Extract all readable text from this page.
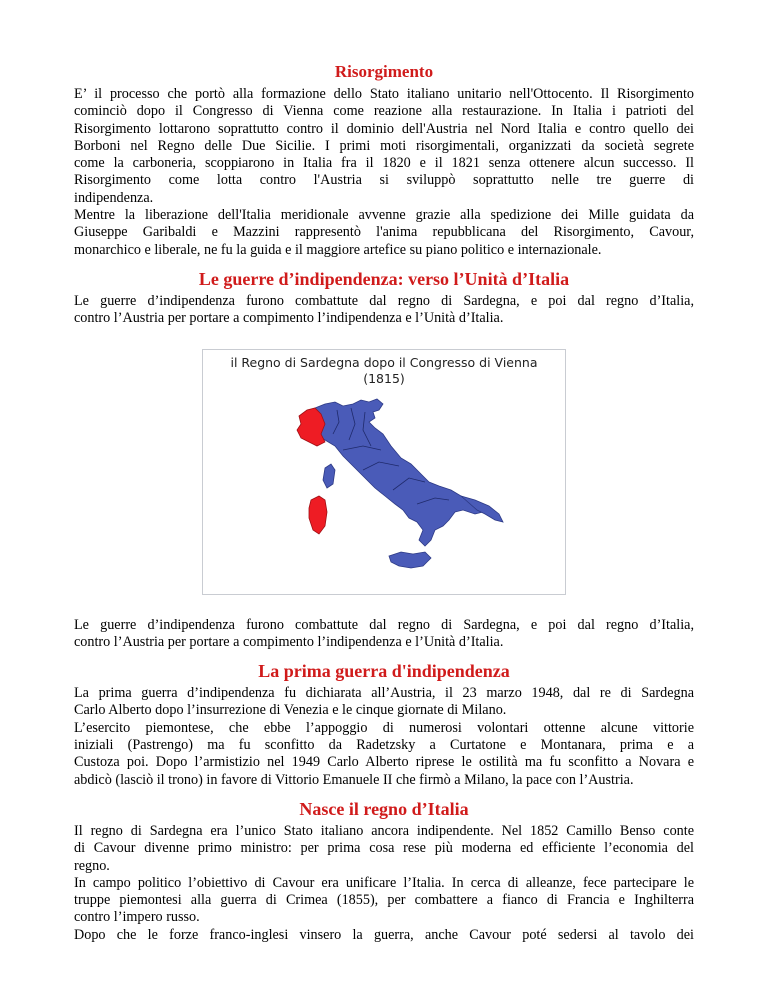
Risorgimento

E’ il processo che portò alla formazione dello Stato italiano unitario nell'Ottocento. Il Risorgimento
cominciò dopo il Congresso di Vienna come reazione alla restaurazione. In Italia i patrioti del
Risorgimento lottarono soprattutto contro il dominio dell'Austria nel Nord Italia e contro quello dei
Borboni nel Regno delle Due Sicilie. I primi moti risorgimentali, organizzati da società segrete
come la carboneria, scoppiarono in Italia fra il 1820 e il 1821 senza ottenere alcun successo. Il
Risorgimento come lotta contro l'Austria si sviluppò soprattutto nelle tre guerre di
indipendenza.
Mentre la liberazione dell'Italia meridionale avvenne grazie alla spedizione dei Mille guidata da
Giuseppe Garibaldi e Mazzini rappresentò l'anima repubblicana del Risorgimento, Cavour,
monarchico e liberale, ne fu la guida e il maggiore artefice su piano politico e internazionale.

Le guerre d’indipendenza: verso l’Unità d’Italia

Le guerre d’indipendenza furono combattute dal regno di Sardegna, e poi dal regno d’Italia,
contro l’Austria per portare a compimento l’indipendenza e l’Unità d’Italia.

il Regno di Sardegna dopo il Congresso di Vienna
(1815)

Le guerre d’indipendenza furono combattute dal regno di Sardegna, e poi dal regno d’Italia,
contro l’Austria per portare a compimento l’indipendenza e l’Unità d’Italia.

La prima guerra d'indipendenza

La prima guerra d’indipendenza fu dichiarata all’Austria, il 23 marzo 1948, dal re di Sardegna
Carlo Alberto dopo l’insurrezione di Venezia e le cinque giornate di Milano.
L’esercito piemontese, che ebbe l’appoggio di numerosi volontari ottenne alcune vittorie
iniziali (Pastrengo) ma fu sconfitto da Radetzsky a Curtatone e Montanara, prima e a
Custoza poi. Dopo l’armistizio nel 1949 Carlo Alberto riprese le ostilità ma fu sconfitto a Novara e
abdicò (lasciò il trono) in favore di Vittorio Emanuele II che firmò a Milano, la pace con l’Austria.

Nasce il regno d’Italia

Il regno di Sardegna era l’unico Stato italiano ancora indipendente. Nel 1852 Camillo Benso conte
di Cavour divenne primo ministro: per prima cosa rese più moderna ed efficiente l’economia del
regno.
In campo politico l’obiettivo di Cavour era unificare l’Italia. In cerca di alleanze, fece partecipare le
truppe piemontesi alla guerra di Crimea (1855), per combattere a fianco di Francia e Inghilterra
contro l’impero russo.
Dopo che le forze franco-inglesi vinsero la guerra, anche Cavour poté sedersi al tavolo dei
